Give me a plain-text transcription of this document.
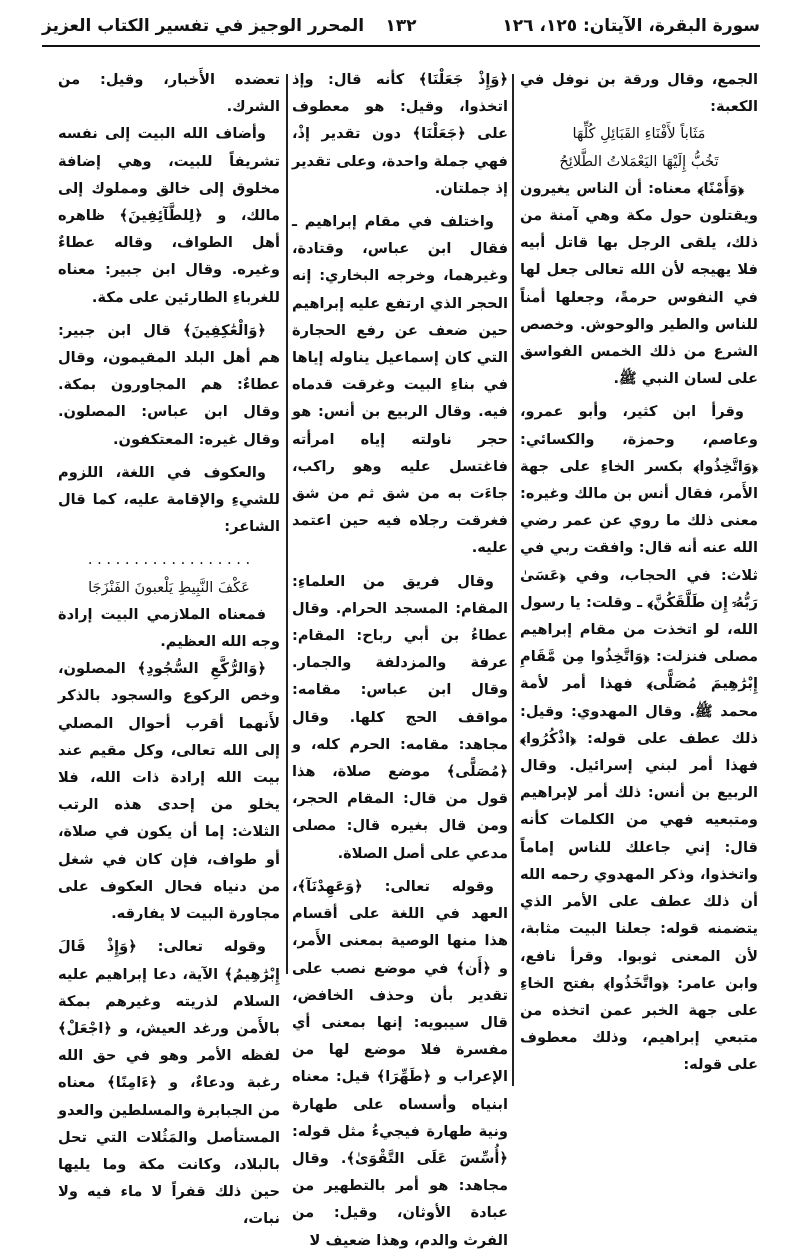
سورة البقرة، الآيتان: ١٢٥، ١٢٦
١٣٢
المحرر الوجيز في تفسير الكتاب العزيز

الجمع، وقال ورقة بن نوفل في الكعبة:

مَثَاباً لأَفْنَاءِ القَبَائِلِ كُلِّهَا

تَخُبُّ إِلَيْهَا اليَعْمَلاتُ الطَّلائِحُ

﴿وَأَمْنًا﴾ معناه: أن الناس يغيرون ويقتلون حول مكة وهي آمنة من ذلك، يلقى الرجل بها قاتل أبيه فلا يهيجه لأن الله تعالى جعل لها في النفوس حرمةً، وجعلها أمناً للناس والطير والوحوش. وخصص الشرع من ذلك الخمس الفواسق على لسان النبي ﷺ.

وقرأ ابن كثير، وأبو عمرو، وعاصم، وحمزة، والكسائي: ﴿وَاتَّخِذُوا﴾ بكسر الخاءِ على جهة الأَمر، فقال أنس بن مالك وغيره: معنى ذلك ما روي عن عمر رضي الله عنه أنه قال: وافقت ربي في ثلاث: في الحجاب، وفي ﴿عَسَىٰ رَبُّهُۥٓ إِن طَلَّقَكُنَّ﴾ ـ وقلت: يا رسول الله، لو اتخذت من مقام إبراهيم مصلى فنزلت: ﴿وَاتَّخِذُوا مِن مَّقَامِ إِبْرَٰهِيمَ مُصَلًّى﴾ فهذا أمر لأمة محمد ﷺ. وقال المهدوي: وقيل: ذلك عطف على قوله: ﴿اذْكُرُوا﴾ فهذا أمر لبني إسرائيل. وقال الربيع بن أنس: ذلك أمر لإبراهيم ومتبعيه فهي من الكلمات كأنه قال: إني جاعلك للناس إماماً واتخذوا، وذكر المهدوي رحمه الله أن ذلك عطف على الأمر الذي يتضمنه قوله: جعلنا البيت مثابة، لأن المعنى ثوبوا. وقرأ نافع، وابن عامر: ﴿واتَّخَذُوا﴾ بفتح الخاءِ على جهة الخبر عمن اتخذه من متبعي إبراهيم، وذلك معطوف على قوله:

﴿وَإِذْ جَعَلْنَا﴾ كأنه قال: وإذ اتخذوا، وقيل: هو معطوف على ﴿جَعَلْنَا﴾ دون تقدير إذْ، فهي جملة واحدة، وعلى تقدير إذ جملتان.

واختلف في مقام إبراهيم ـ فقال ابن عباس، وقتادة، وغيرهما، وخرجه البخاري: إنه الحجر الذي ارتفع عليه إبراهيم حين ضعف عن رفع الحجارة التي كان إسماعيل يناوله إياها في بناءِ البيت وغرقت قدماه فيه. وقال الربيع بن أنس: هو حجر ناولته إياه امرأته فاغتسل عليه وهو راكب، جاءَت به من شق ثم من شق فغرقت رجلاه فيه حين اعتمد عليه.

وقال فريق من العلماءِ: المقام: المسجد الحرام. وقال عطاءُ بن أبي رباح: المقام: عرفة والمزدلفة والجمار. وقال ابن عباس: مقامه: مواقف الحج كلها. وقال مجاهد: مقامه: الحرم كله، و ﴿مُصَلًّى﴾ موضع صلاة، هذا قول من قال: المقام الحجر، ومن قال بغيره قال: مصلى مدعي على أصل الصلاة.

وقوله تعالى: ﴿وَعَهِدْنَآ﴾، العهد في اللغة على أقسام هذا منها الوصية بمعنى الأَمر، و ﴿أَن﴾ في موضع نصب على تقدير بأن وحذف الخافض، قال سيبويه: إنها بمعنى أي مفسرة فلا موضع لها من الإعراب و ﴿طَهِّرَا﴾ قيل: معناه ابنياه وأسساه على طهارة ونية طهارة فيجيءُ مثل قوله: ﴿أُسِّسَ عَلَى التَّقْوَىٰ﴾. وقال مجاهد: هو أمر بالتطهير من عبادة الأوثان، وقيل: من الفرث والدم، وهذا ضعيف لا

تعضده الأَخبار، وقيل: من الشرك.

وأضاف الله البيت إلى نفسه تشريفاً للبيت، وهي إضافة مخلوق إلى خالق ومملوك إلى مالك، و ﴿لِلطَّآئِفِينَ﴾ ظاهره أهل الطواف، وقاله عطاءٌ وغيره. وقال ابن جبير: معناه للغرباءِ الطارئين على مكة.

﴿وَالْعَٰكِفِينَ﴾ قال ابن جبير: هم أهل البلد المقيمون، وقال عطاءٌ: هم المجاورون بمكة. وقال ابن عباس: المصلون. وقال غيره: المعتكفون.

والعكوف في اللغة، اللزوم للشيءِ والإقامة عليه، كما قال الشاعر:

. . . . . . . . . . . . . . . . . .

عَكْفَ النَّبِيطِ يَلْعبونَ الفَنْزَجَا

فمعناه الملازمي البيت إرادة وجه الله العظيم.

﴿وَالرُّكَّعِ السُّجُودِ﴾ المصلون، وخص الركوع والسجود بالذكر لأَنهما أقرب أحوال المصلي إلى الله تعالى، وكل مقيم عند بيت الله إرادة ذات الله، فلا يخلو من إحدى هذه الرتب الثلاث: إما أن يكون في صلاة، أو طواف، فإن كان في شغل من دنياه فحال العكوف على مجاورة البيت لا يفارقه.

وقوله تعالى: ﴿وَإِذْ قَالَ إِبْرَٰهِيمُ﴾ الآية، دعا إبراهيم عليه السلام لذريته وغيرهم بمكة بالأَمن ورغد العيش، و ﴿اجْعَلْ﴾ لفظه الأمر وهو في حق الله رغبة ودعاءٌ، و ﴿ءَامِنًا﴾ معناه من الجبابرة والمسلطين والعدو المستأصل والمَثُلات التي تحل بالبلاد، وكانت مكة وما يليها حين ذلك قفراً لا ماء فيه ولا نبات،
